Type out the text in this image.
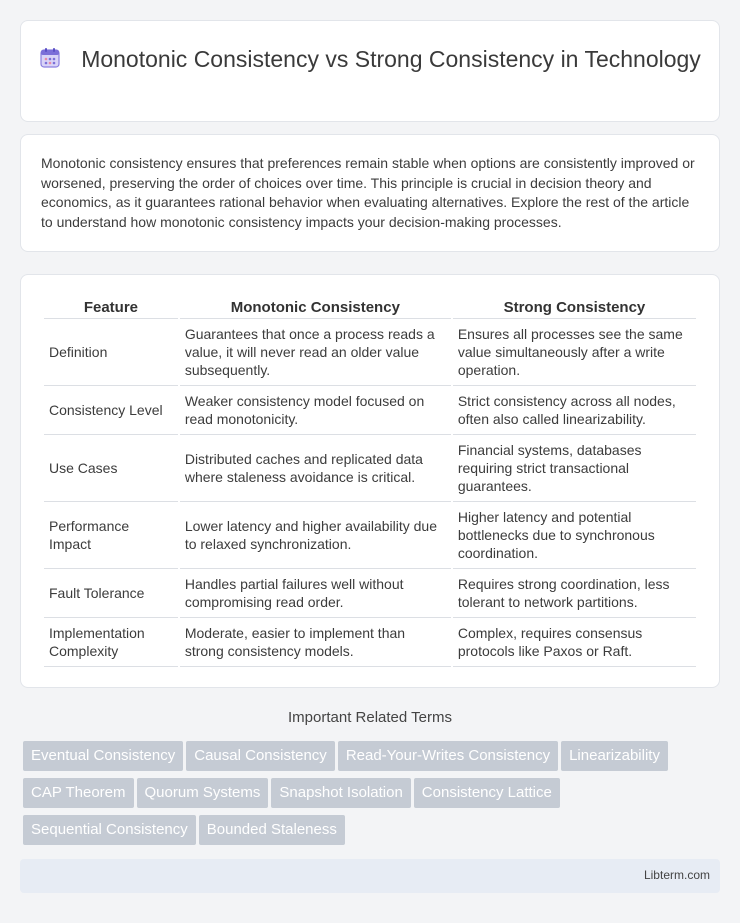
Monotonic Consistency vs Strong Consistency in Technology

Monotonic consistency ensures that preferences remain stable when options are consistently improved or worsened, preserving the order of choices over time. This principle is crucial in decision theory and economics, as it guarantees rational behavior when evaluating alternatives. Explore the rest of the article to understand how monotonic consistency impacts your decision-making processes.

Feature	Monotonic Consistency	Strong Consistency
Definition	Guarantees that once a process reads a value, it will never read an older value subsequently.	Ensures all processes see the same value simultaneously after a write operation.
Consistency Level	Weaker consistency model focused on read monotonicity.	Strict consistency across all nodes, often also called linearizability.
Use Cases	Distributed caches and replicated data where staleness avoidance is critical.	Financial systems, databases requiring strict transactional guarantees.
Performance Impact	Lower latency and higher availability due to relaxed synchronization.	Higher latency and potential bottlenecks due to synchronous coordination.
Fault Tolerance	Handles partial failures well without compromising read order.	Requires strong coordination, less tolerant to network partitions.
Implementation Complexity	Moderate, easier to implement than strong consistency models.	Complex, requires consensus protocols like Paxos or Raft.
Important Related Terms
Eventual Consistency Causal Consistency Read-Your-Writes Consistency Linearizability
CAP Theorem Quorum Systems Snapshot Isolation Consistency Lattice
Sequential Consistency Bounded Staleness
Libterm.com
